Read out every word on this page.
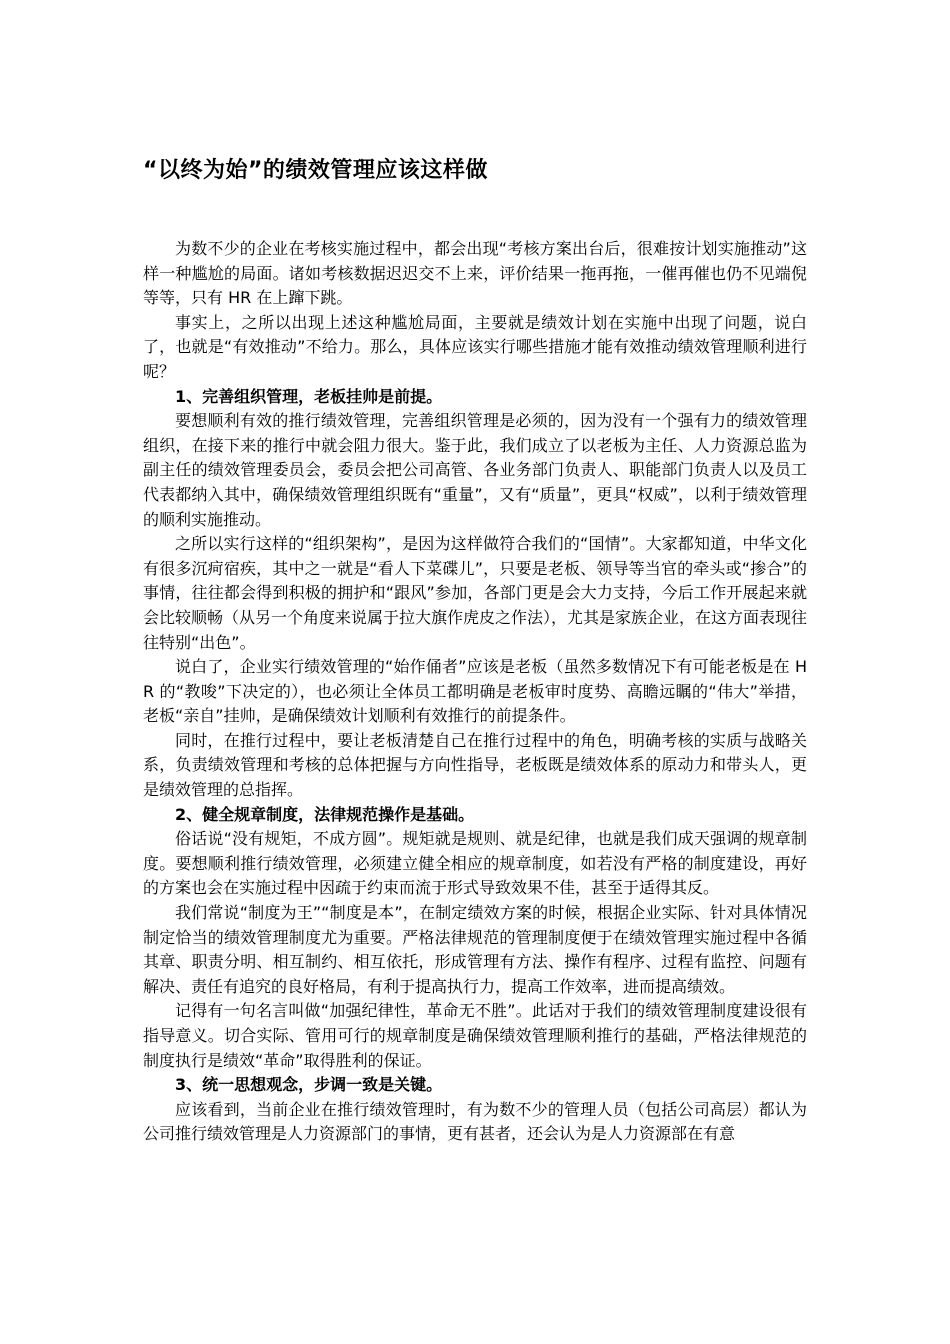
“以终为始”的绩效管理应该这样做

为数不少的企业在考核实施过程中，都会出现“考核方案出台后，很难按计划实施推动”这样一种尴尬的局面。诸如考核数据迟迟交不上来，评价结果一拖再拖，一催再催也仍不见端倪等等，只有 HR 在上蹿下跳。

事实上，之所以出现上述这种尴尬局面，主要就是绩效计划在实施中出现了问题，说白了，也就是“有效推动”不给力。那么，具体应该实行哪些措施才能有效推动绩效管理顺利进行呢？

1、完善组织管理，老板挂帅是前提。

要想顺利有效的推行绩效管理，完善组织管理是必须的，因为没有一个强有力的绩效管理组织，在接下来的推行中就会阻力很大。鉴于此，我们成立了以老板为主任、人力资源总监为副主任的绩效管理委员会，委员会把公司高管、各业务部门负责人、职能部门负责人以及员工代表都纳入其中，确保绩效管理组织既有“重量”，又有“质量”，更具“权威”，以利于绩效管理的顺利实施推动。

之所以实行这样的“组织架构”，是因为这样做符合我们的“国情”。大家都知道，中华文化有很多沉疴宿疾，其中之一就是“看人下菜碟儿”，只要是老板、领导等当官的牵头或“掺合”的事情，往往都会得到积极的拥护和“跟风”参加，各部门更是会大力支持，今后工作开展起来就会比较顺畅（从另一个角度来说属于拉大旗作虎皮之作法），尤其是家族企业，在这方面表现往往特别“出色”。

说白了，企业实行绩效管理的“始作俑者”应该是老板（虽然多数情况下有可能老板是在 HR 的“教唆”下决定的），也必须让全体员工都明确是老板审时度势、高瞻远瞩的“伟大”举措，老板“亲自”挂帅，是确保绩效计划顺利有效推行的前提条件。

同时，在推行过程中，要让老板清楚自己在推行过程中的角色，明确考核的实质与战略关系，负责绩效管理和考核的总体把握与方向性指导，老板既是绩效体系的原动力和带头人，更是绩效管理的总指挥。

2、健全规章制度，法律规范操作是基础。

俗话说“没有规矩，不成方圆”。规矩就是规则、就是纪律，也就是我们成天强调的规章制度。要想顺利推行绩效管理，必须建立健全相应的规章制度，如若没有严格的制度建设，再好的方案也会在实施过程中因疏于约束而流于形式导致效果不佳，甚至于适得其反。

我们常说“制度为王”“制度是本”，在制定绩效方案的时候，根据企业实际、针对具体情况制定恰当的绩效管理制度尤为重要。严格法律规范的管理制度便于在绩效管理实施过程中各循其章、职责分明、相互制约、相互依托，形成管理有方法、操作有程序、过程有监控、问题有解决、责任有追究的良好格局，有利于提高执行力，提高工作效率，进而提高绩效。

记得有一句名言叫做“加强纪律性，革命无不胜”。此话对于我们的绩效管理制度建设很有指导意义。切合实际、管用可行的规章制度是确保绩效管理顺利推行的基础，严格法律规范的制度执行是绩效“革命”取得胜利的保证。

3、统一思想观念，步调一致是关键。

应该看到，当前企业在推行绩效管理时，有为数不少的管理人员（包括公司高层）都认为公司推行绩效管理是人力资源部门的事情，更有甚者，还会认为是人力资源部在有意
